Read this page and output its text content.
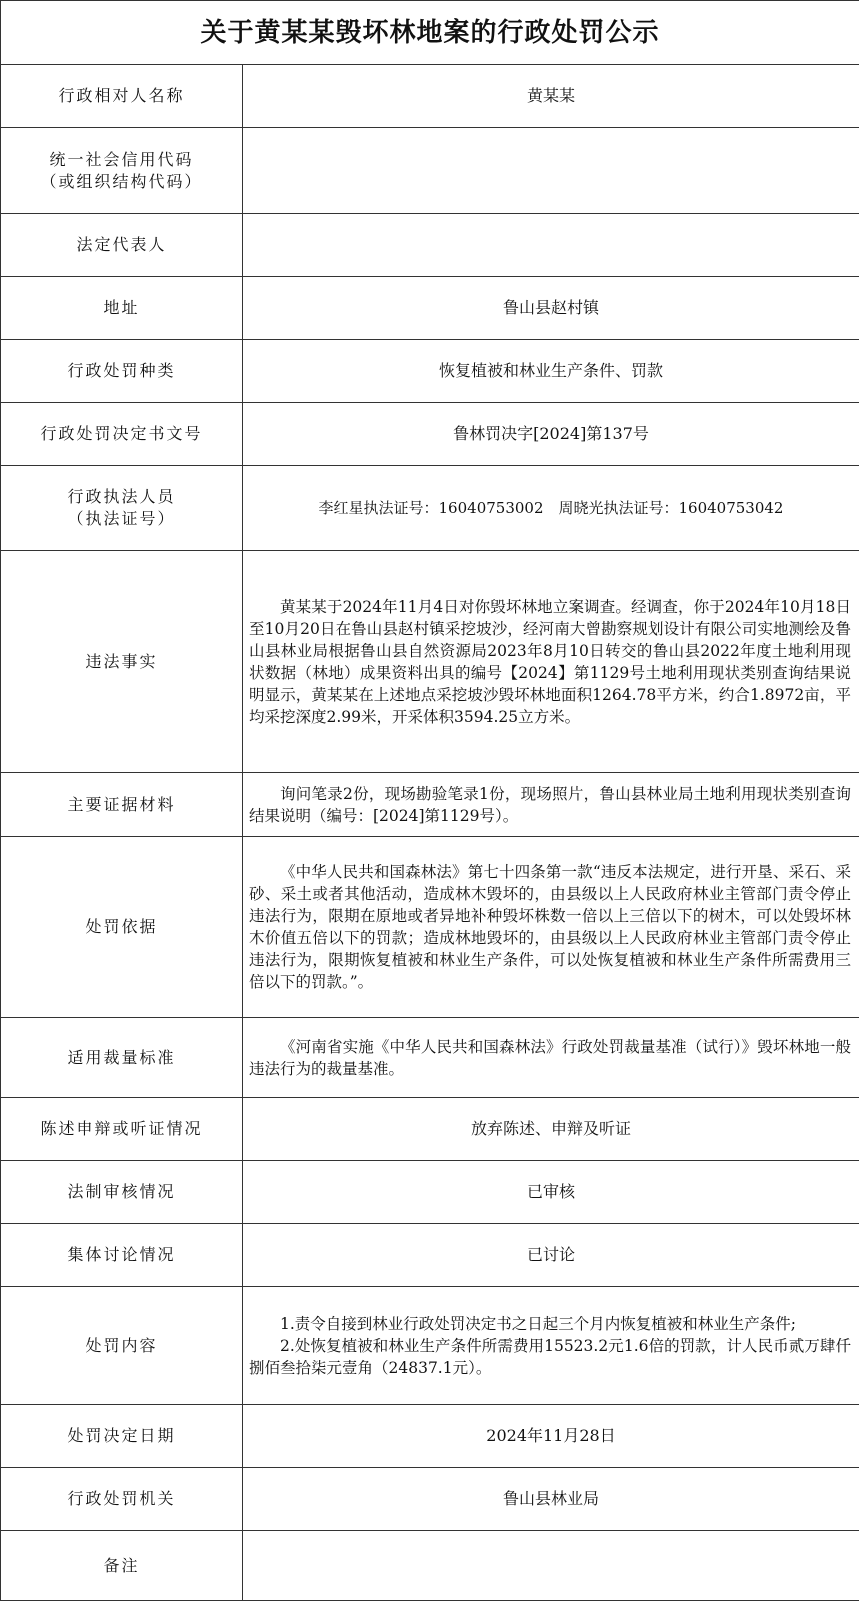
关于黄某某毁坏林地案的行政处罚公示	
行政相对人名称	黄某某

统一社会信用代码
（或组织结构代码）	

法定代表人	
地址	鲁山县赵村镇
行政处罚种类	恢复植被和林业生产条件、罚款
行政处罚决定书文号	鲁林罚决字[2024]第137号

行政执法人员
（执法证号）	李红星执法证号：16040753002　周晓光执法证号：16040753042
违法事实	黄某某于2024年11月4日对你毁坏林地立案调查。经调查，你于2024年10月18日至10月20日在鲁山县赵村镇采挖坡沙，经河南大曾勘察规划设计有限公司实地测绘及鲁山县林业局根据鲁山县自然资源局2023年8月10日转交的鲁山县2022年度土地利用现状数据（林地）成果资料出具的编号【2024】第1129号土地利用现状类别查询结果说明显示，黄某某在上述地点采挖坡沙毁坏林地面积1264.78平方米，约合1.8972亩，平均采挖深度2.99米，开采体积3594.25立方米。

主要证据材料	询问笔录2份，现场勘验笔录1份，现场照片，鲁山县林业局土地利用现状类别查询结果说明（编号：[2024]第1129号）。

处罚依据	《中华人民共和国森林法》第七十四条第一款“违反本法规定，进行开垦、采石、采砂、采土或者其他活动，造成林木毁坏的，由县级以上人民政府林业主管部门责令停止违法行为，限期在原地或者异地补种毁坏株数一倍以上三倍以下的树木，可以处毁坏林木价值五倍以下的罚款；造成林地毁坏的，由县级以上人民政府林业主管部门责令停止违法行为，限期恢复植被和林业生产条件，可以处恢复植被和林业生产条件所需费用三倍以下的罚款。”。

适用裁量标准	《河南省实施《中华人民共和国森林法》行政处罚裁量基准（试行）》毁坏林地一般违法行为的裁量基准。

陈述申辩或听证情况	放弃陈述、申辩及听证
法制审核情况	已审核
集体讨论情况	已讨论
处罚内容	1.责令自接到林业行政处罚决定书之日起三个月内恢复植被和林业生产条件;
2.处恢复植被和林业生产条件所需费用15523.2元1.6倍的罚款，计人民币贰万肆仟捌佰叁拾柒元壹角（24837.1元）。

处罚决定日期	2024年11月28日
行政处罚机关	鲁山县林业局
备注	
